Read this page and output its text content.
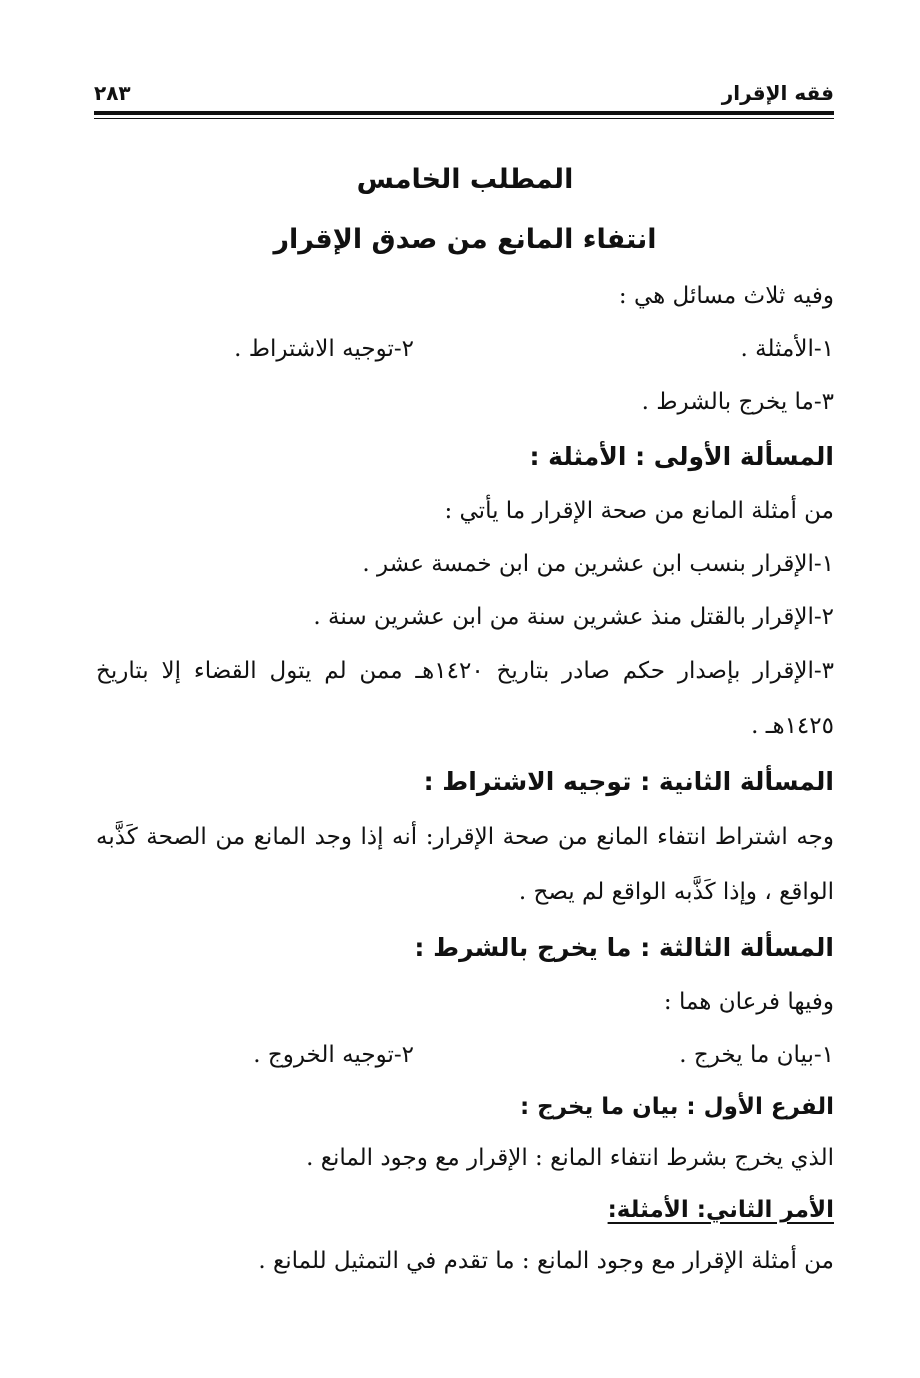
فقه الإقرار
٢٨٣
المطلب الخامس
انتفاء المانع من صدق الإقرار

وفيه ثلاث مسائل هي :

١-الأمثلة .
٢-توجيه الاشتراط .

٣-ما يخرج بالشرط .

المسألة الأولى : الأمثلة :

من أمثلة المانع من صحة الإقرار ما يأتي :

١-الإقرار بنسب ابن عشرين من ابن خمسة عشر .

٢-الإقرار بالقتل منذ عشرين سنة من ابن عشرين سنة .

٣-الإقرار بإصدار حكم صادر بتاريخ ١٤٢٠هـ ممن لم يتول القضاء إلا بتاريخ ١٤٢٥هـ .

المسألة الثانية : توجيه الاشتراط :

وجه اشتراط انتفاء المانع من صحة الإقرار: أنه إذا وجد المانع من الصحة كَذَّبه الواقع ، وإذا كَذَّبه الواقع لم يصح .

المسألة الثالثة : ما يخرج بالشرط :

وفيها فرعان هما :

١-بيان ما يخرج .
٢-توجيه الخروج .
الفرع الأول : بيان ما يخرج :

الذي يخرج بشرط انتفاء المانع : الإقرار مع وجود المانع .

الأمر الثاني: الأمثلة:

من أمثلة الإقرار مع وجود المانع : ما تقدم في التمثيل للمانع .
